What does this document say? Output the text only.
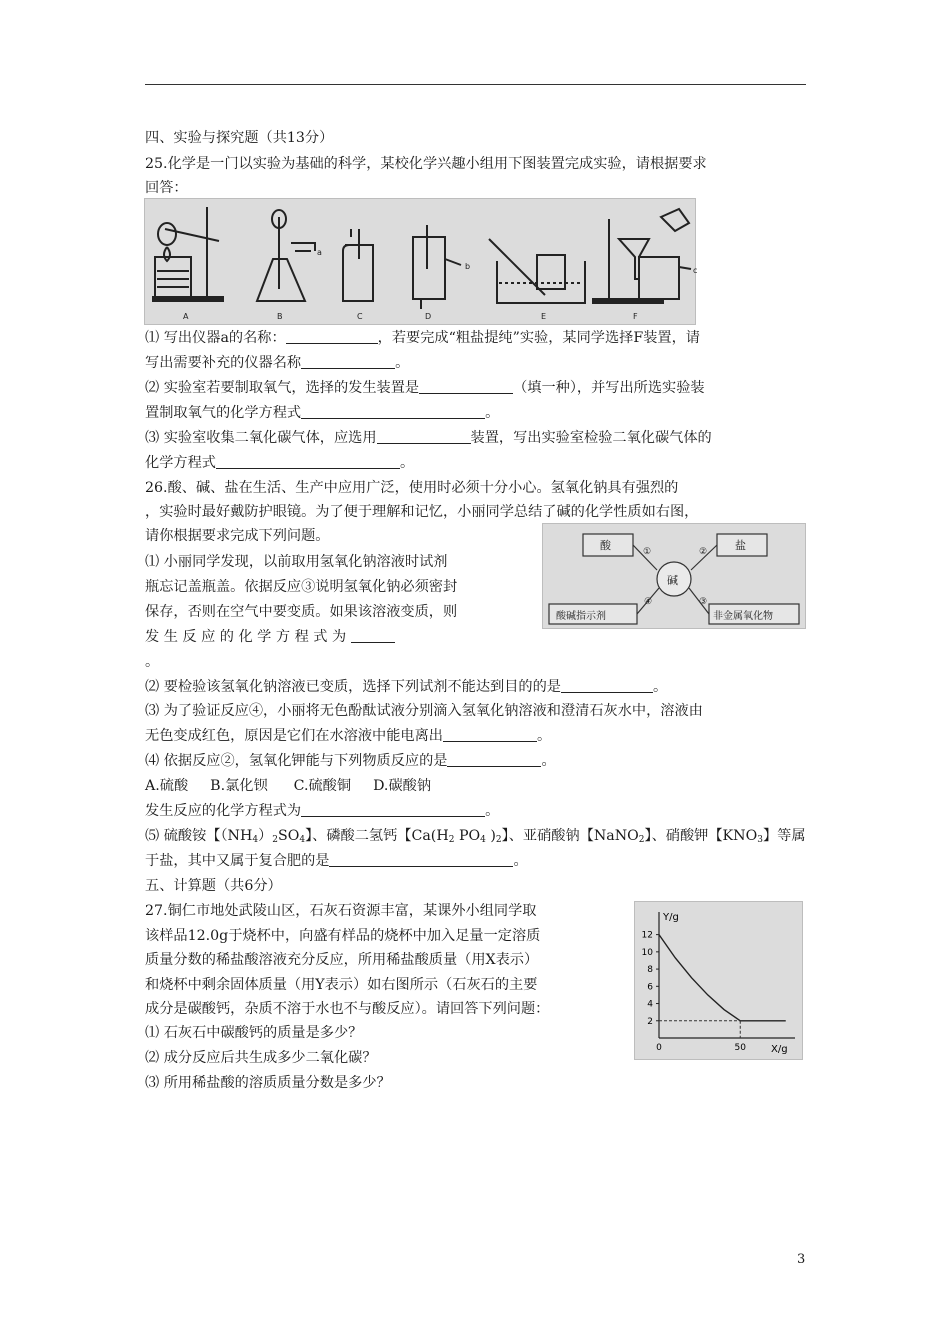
四、实验与探究题（共13分）
25.化学是一门以实验为基础的科学，某校化学兴趣小组用下图装置完成实验，请根据要求
回答：
A	B	C	D	E	F
a
b	c
⑴ 写出仪器a的名称：	，若要完成“粗盐提纯”实验，某同学选择F装置，请
写出需要补充的仪器名称	。
⑵ 实验室若要制取氧气，选择的发生装置是	（填一种），并写出所选实验装
置制取氧气的化学方程式	。
⑶ 实验室收集二氧化碳气体，应选用	装置，写出实验室检验二氧化碳气体的
化学方程式	。
26.酸、碱、盐在生活、生产中应用广泛，使用时必须十分小心。氢氧化钠具有强烈的
，实验时最好戴防护眼镜。为了便于理解和记忆，小丽同学总结了碱的化学性质如右图，
请你根据要求完成下列问题。
酸	盐
碱
酸碱指示剂	非金属氧化物
①	②
④	③
⑴ 小丽同学发现，以前取用氢氧化钠溶液时试剂
瓶忘记盖瓶盖。依据反应③说明氢氧化钠必须密封
保存，否则在空气中要变质。如果该溶液变质，则
发 生 反 应 的 化 学 方 程 式 为
。
⑵ 要检验该氢氧化钠溶液已变质，选择下列试剂不能达到目的的是	。
⑶ 为了验证反应④，小丽将无色酚酞试液分别滴入氢氧化钠溶液和澄清石灰水中，溶液由
无色变成红色，原因是它们在水溶液中能电离出	。
⑷ 依据反应②，氢氧化钾能与下列物质反应的是	。
A.硫酸 B.氯化钡 C.硫酸铜 D.碳酸钠
发生反应的化学方程式为	。
⑸ 硫酸铵【$(NH_4)_2SO_4$】、磷酸二氢钙【$Ca(H_2$ $PO_4$ )$_2$】、亚硝酸钠【NaNO$_2$】、硝酸钾【$KNO_3$】等属
于盐，其中又属于复合肥的是	。
五、计算题（共6分）
27.铜仁市地处武陵山区，石灰石资源丰富，某课外小组同学取
该样品12.0g于烧杯中，向盛有样品的烧杯中加入足量一定溶质
质量分数的稀盐酸溶液充分反应，所用稀盐酸质量（用X表示）
和烧杯中剩余固体质量（用Y表示）如右图所示（石灰石的主要
成分是碳酸钙，杂质不溶于水也不与酸反应）。请回答下列问题：
⑴ 石灰石中碳酸钙的质量是多少？
⑵ 成分反应后共生成多少二氧化碳？
⑶ 所用稀盐酸的溶质质量分数是多少？
Y/g
X/g
2
4
6
8
10
12
0	50
3
